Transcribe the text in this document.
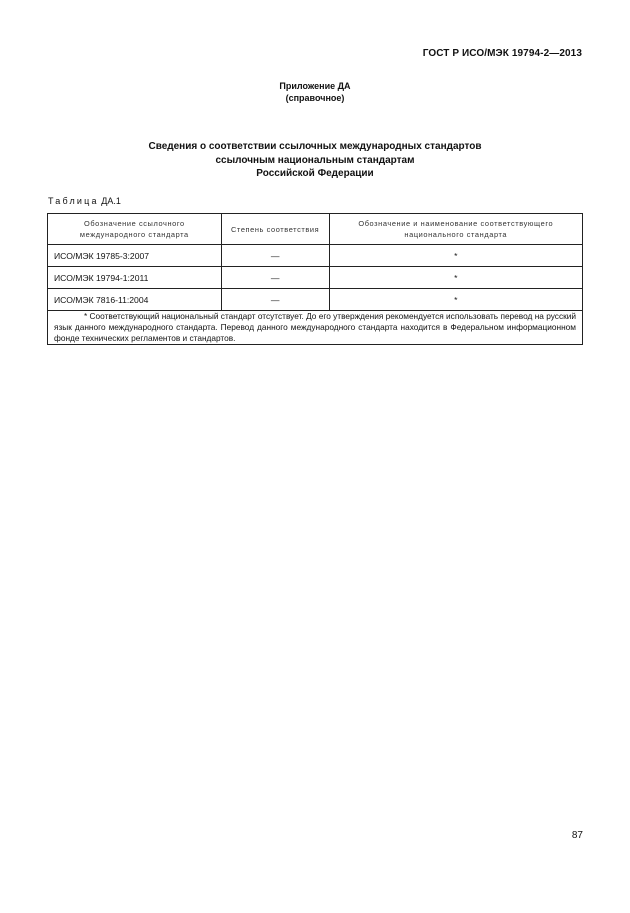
ГОСТ Р ИСО/МЭК 19794-2—2013
Приложение ДА
(справочное)
Сведения о соответствии ссылочных международных стандартов
ссылочным национальным стандартам
Российской Федерации
Таблица ДА.1
Обозначение ссылочного международного стандарта	Степень соответствия	Обозначение и наименование соответствующего национального стандарта
ИСО/МЭК 19785-3:2007	—	*
ИСО/МЭК 19794-1:2011	—	*
ИСО/МЭК 7816-11:2004	—	*
* Соответствующий национальный стандарт отсутствует. До его утверждения рекомендуется использовать перевод на русский язык данного международного стандарта. Перевод данного международного стандарта находится в Федеральном информационном фонде технических регламентов и стандартов.		
87
